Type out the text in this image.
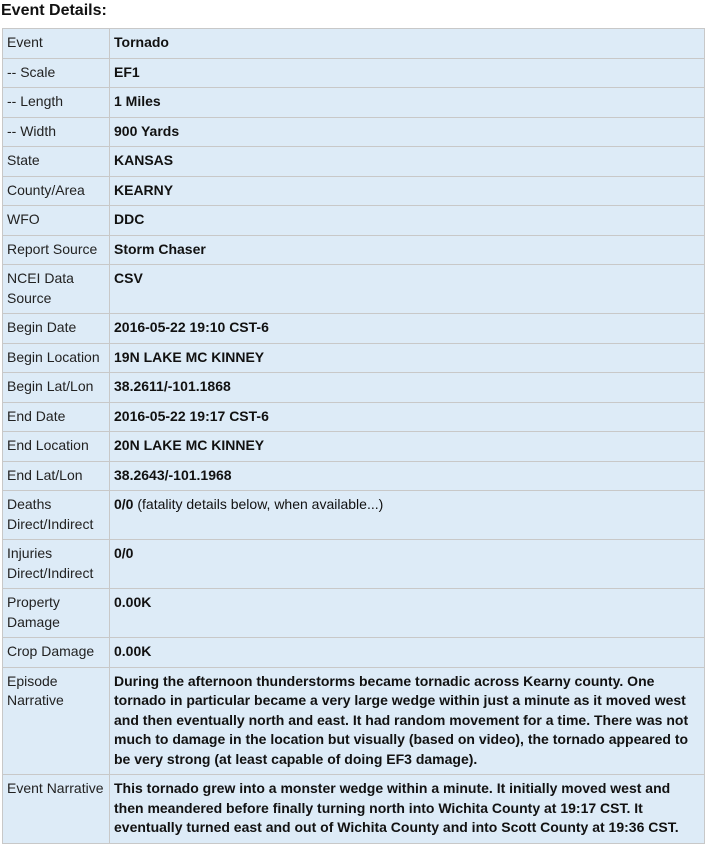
Event Details:
Event	Tornado
-- Scale	EF1
-- Length	1 Miles
-- Width	900 Yards
State	KANSAS
County/Area	KEARNY
WFO	DDC
Report Source	Storm Chaser
NCEI Data Source	CSV
Begin Date	2016-05-22 19:10 CST-6
Begin Location	19N LAKE MC KINNEY
Begin Lat/Lon	38.2611/-101.1868
End Date	2016-05-22 19:17 CST-6
End Location	20N LAKE MC KINNEY
End Lat/Lon	38.2643/-101.1968
Deaths Direct/Indirect	0/0 (fatality details below, when available...)
Injuries Direct/Indirect	0/0
Property Damage	0.00K
Crop Damage	0.00K
Episode Narrative	During the afternoon thunderstorms became tornadic across Kearny county. One tornado in particular became a very large wedge within just a minute as it moved west and then eventually north and east. It had random movement for a time. There was not much to damage in the location but visually (based on video), the tornado appeared to be very strong (at least capable of doing EF3 damage).
Event Narrative	This tornado grew into a monster wedge within a minute. It initially moved west and then meandered before finally turning north into Wichita County at 19:17 CST. It eventually turned east and out of Wichita County and into Scott County at 19:36 CST.
